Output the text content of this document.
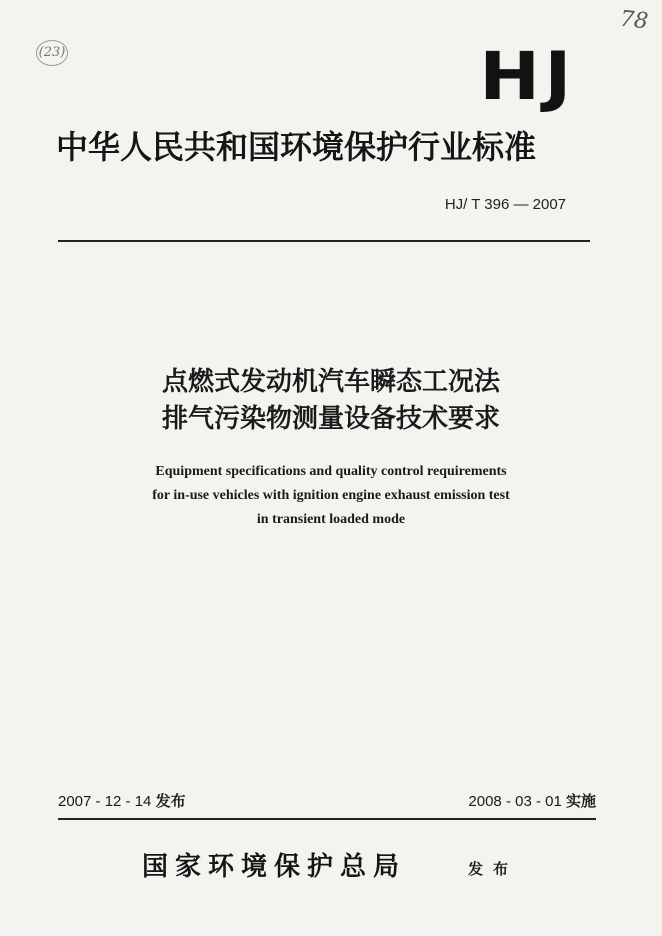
78
(23)	HJ
中华人民共和国环境保护行业标准
HJ/ T 396 — 2007
点燃式发动机汽车瞬态工况法
排气污染物测量设备技术要求
Equipment specifications and quality control requirements
for in-use vehicles with ignition engine exhaust emission test
in transient loaded mode
2007 - 12 - 14 发布	2008 - 03 - 01 实施
国家环境保护总局	发布
